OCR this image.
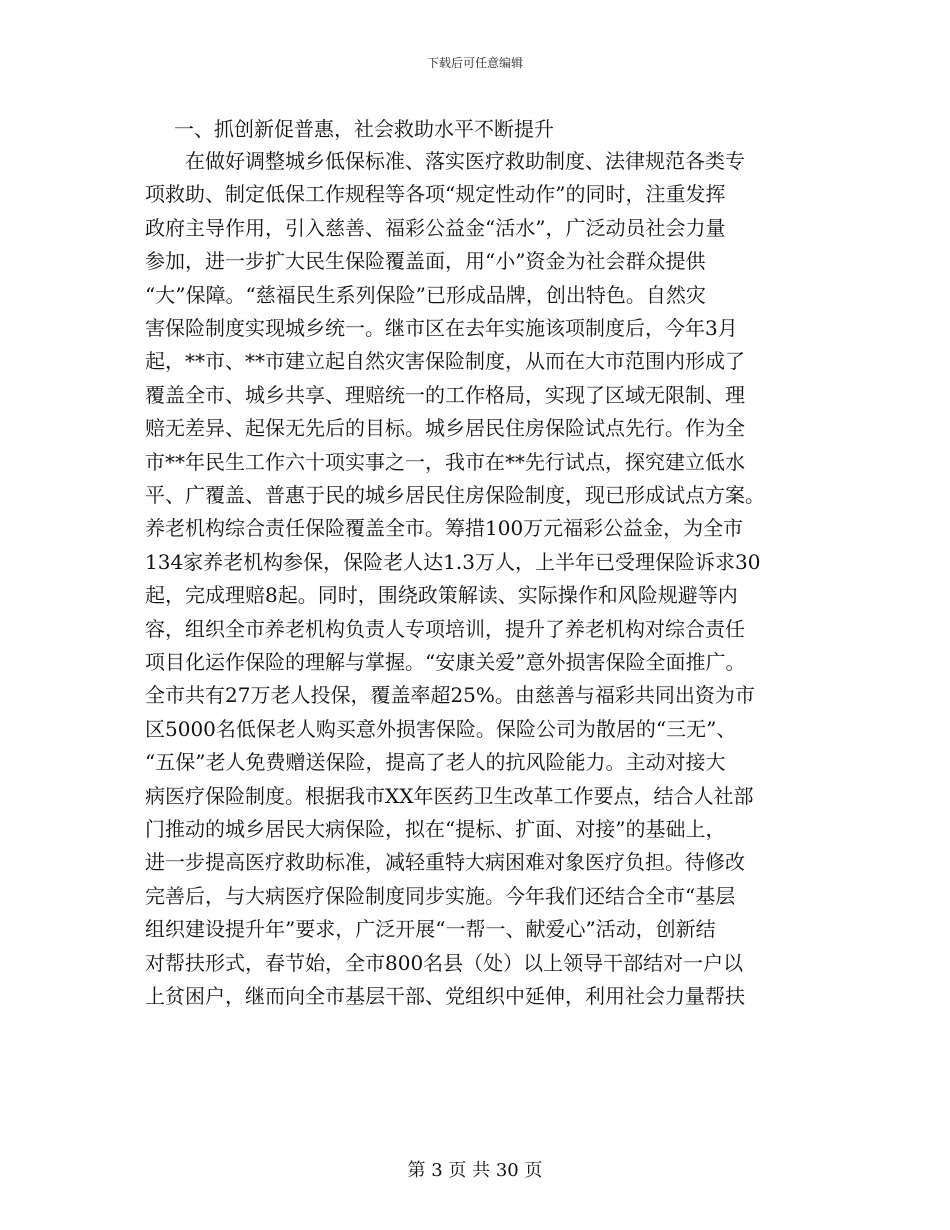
下载后可任意编辑
一、抓创新促普惠，社会救助水平不断提升
在做好调整城乡低保标准、落实医疗救助制度、法律规范各类专
项救助、制定低保工作规程等各项“规定性动作”的同时，注重发挥
政府主导作用，引入慈善、福彩公益金“活水”，广泛动员社会力量
参加，进一步扩大民生保险覆盖面，用“小”资金为社会群众提供
“大”保障。“慈福民生系列保险”已形成品牌，创出特色。自然灾
害保险制度实现城乡统一。继市区在去年实施该项制度后，今年3月
起，**市、**市建立起自然灾害保险制度，从而在大市范围内形成了
覆盖全市、城乡共享、理赔统一的工作格局，实现了区域无限制、理
赔无差异、起保无先后的目标。城乡居民住房保险试点先行。作为全
市**年民生工作六十项实事之一，我市在**先行试点，探究建立低水
平、广覆盖、普惠于民的城乡居民住房保险制度，现已形成试点方案。
养老机构综合责任保险覆盖全市。筹措100万元福彩公益金，为全市
134家养老机构参保，保险老人达1.3万人，上半年已受理保险诉求30
起，完成理赔8起。同时，围绕政策解读、实际操作和风险规避等内
容，组织全市养老机构负责人专项培训，提升了养老机构对综合责任
项目化运作保险的理解与掌握。“安康关爱”意外损害保险全面推广。
全市共有27万老人投保，覆盖率超25%。由慈善与福彩共同出资为市
区5000名低保老人购买意外损害保险。保险公司为散居的“三无”、
“五保”老人免费赠送保险，提高了老人的抗风险能力。主动对接大
病医疗保险制度。根据我市XX年医药卫生改革工作要点，结合人社部
门推动的城乡居民大病保险，拟在“提标、扩面、对接”的基础上，
进一步提高医疗救助标准，减轻重特大病困难对象医疗负担。待修改
完善后，与大病医疗保险制度同步实施。今年我们还结合全市“基层
组织建设提升年”要求，广泛开展“一帮一、献爱心”活动，创新结
对帮扶形式，春节始，全市800名县（处）以上领导干部结对一户以
上贫困户，继而向全市基层干部、党组织中延伸，利用社会力量帮扶
第 3 页 共 30 页
